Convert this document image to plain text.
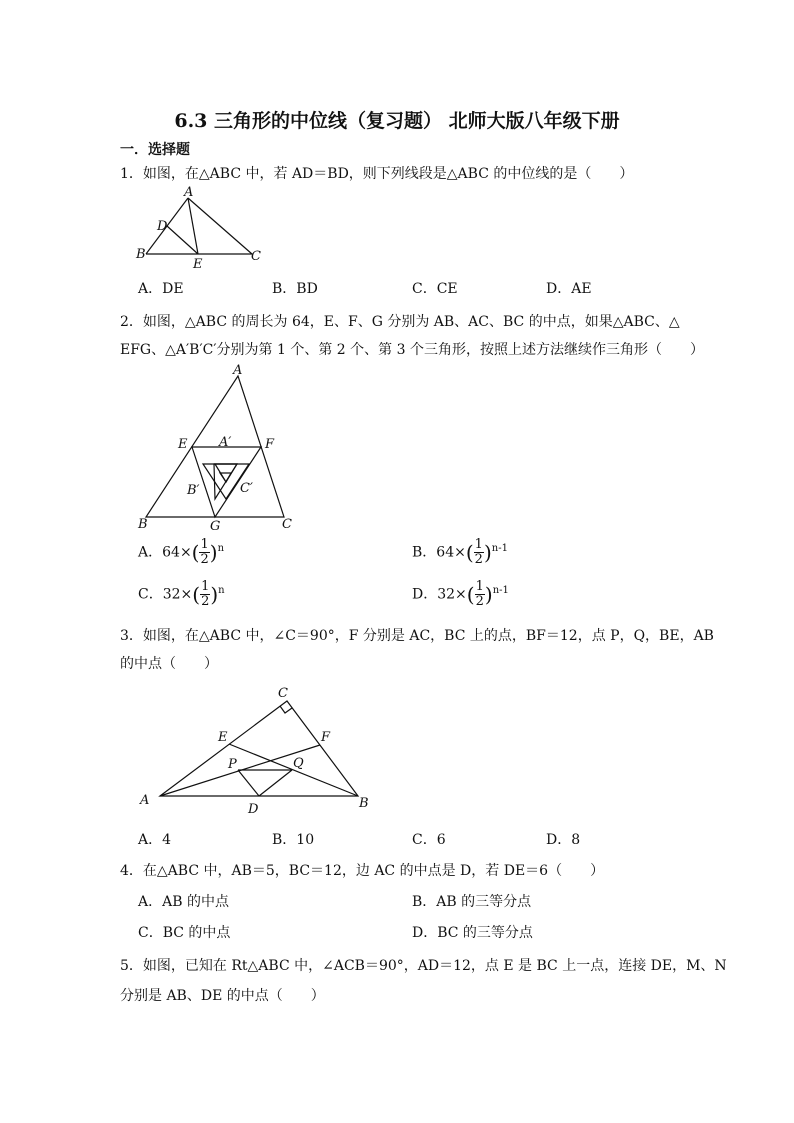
6.3 三角形的中位线（复习题） 北师大版八年级下册
一．选择题
1．如图，在△ABC 中，若 AD＝BD，则下列线段是△ABC 的中位线的是（　　）
A
B	C
D
E
A．DE	B．BD	C．CE	D．AE
2．如图，△ABC 的周长为 64，E、F、G 分别为 AB、AC、BC 的中点，如果△ABC、△
EFG、△A′B′C′分别为第 1 个、第 2 个、第 3 个三角形，按照上述方法继续作三角形（　　）
A
B	C
E	F
G
A′
B′	C′
A．$64\times( \frac{1}{2} )^n$	B．$64\times( \frac{1}{2} )^{n-1}$
C．$32\times( \frac{1}{2} )^n$	D．$32\times( \frac{1}{2} )^{n-1}$
3．如图，在△ABC 中，∠C＝90°，F 分别是 AC，BC 上的点，BF＝12，点 P，Q，BE，AB
的中点（　　）
A	B
C
D
E	F
P	Q
A．4	B．10	C．6	D．8
4．在△ABC 中，AB＝5，BC＝12，边 AC 的中点是 D，若 DE＝6（　　）
A．AB 的中点	B．AB 的三等分点
C．BC 的中点	D．BC 的三等分点
5．如图，已知在 Rt△ABC 中，∠ACB＝90°，AD＝12，点 E 是 BC 上一点，连接 DE，M、N
分别是 AB、DE 的中点（　　）
